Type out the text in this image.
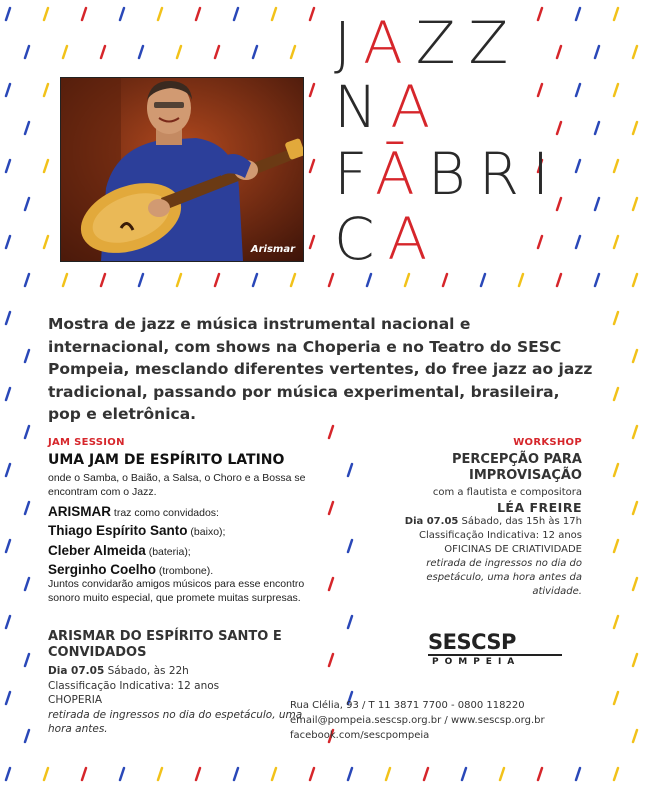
Arismar
JAZZ
NA
FĀBRI
CA

Mostra de jazz e música instrumental nacional e internacional, com shows na Choperia e no Teatro do SESC Pompeia, mesclando diferentes vertentes, do free jazz ao jazz tradicional, passando por música experimental, brasileira, pop e eletrônica.

JAM SESSION
UMA JAM DE ESPÍRITO LATINO

onde o Samba, o Baião, a Salsa, o Choro e a Bossa se encontram com o Jazz.

ARISMAR traz como convidados:
Thiago Espírito Santo (baixo);
Cleber Almeida (bateria);
Serginho Coelho (trombone).

Juntos convidarão amigos músicos para esse encontro sonoro muito especial, que promete muitas surpresas.

ARISMAR DO ESPÍRITO SANTO E CONVIDADOS

Dia 07.05 Sábado, às 22h
Classificação Indicativa: 12 anos
CHOPERIA
retirada de ingressos no dia do espetáculo, uma hora antes.
WORKSHOP
PERCEPÇÃO PARA
IMPROVISAÇÃO
com a flautista e compositora
LÉA FREIRE
Dia 07.05 Sábado, das 15h às 17h
Classificação Indicativa: 12 anos
OFICINAS DE CRIATIVIDADE
retirada de ingressos no dia do espetáculo, uma hora antes da atividade.
SESCSP
POMPEIA
Rua Clélia, 93 / T 11 3871 7700 - 0800 118220
email@pompeia.sescsp.org.br / www.sescsp.org.br
facebook.com/sescpompeia
